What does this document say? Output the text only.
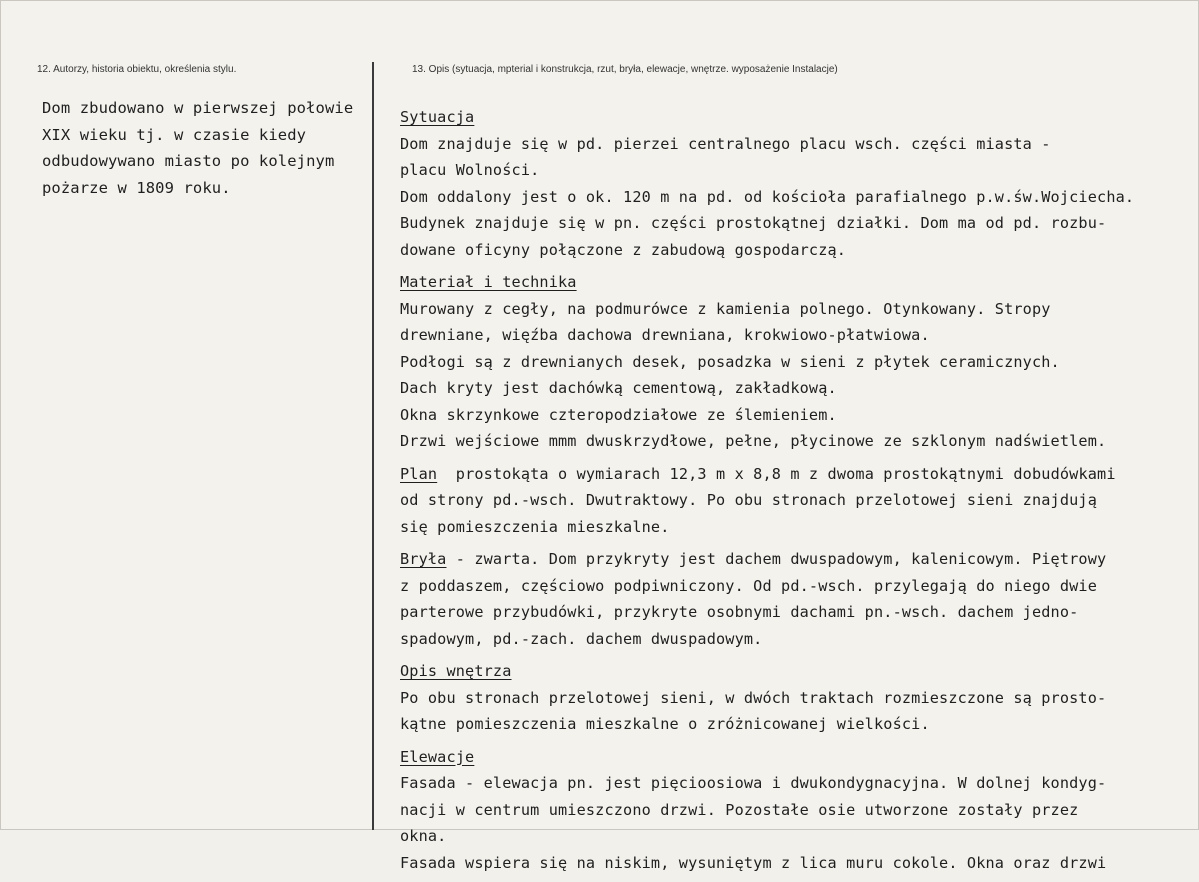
12. Autorzy, historia obiektu, określenia stylu.	13. Opis (sytuacja, mpterial i konstrukcja, rzut, bryła, elewacje, wnętrze. wyposażenie Instalacje)
Dom zbudowano w pierwszej połowie
XIX wieku tj. w czasie kiedy
odbudowywano miasto po kolejnym
pożarze w 1809 roku.
Sytuacja
Dom znajduje się w pd. pierzei centralnego placu wsch. części miasta -
placu Wolności.
Dom oddalony jest o ok. 120 m na pd. od kościoła parafialnego p.w.św.Wojciecha.
Budynek znajduje się w pn. części prostokątnej działki. Dom ma od pd. rozbu-
dowane oficyny połączone z zabudową gospodarczą.
Materiał i technika
Murowany z cegły, na podmurówce z kamienia polnego. Otynkowany. Stropy
drewniane, więźba dachowa drewniana, krokwiowo-płatwiowa.
Podłogi są z drewnianych desek, posadzka w sieni z płytek ceramicznych.
Dach kryty jest dachówką cementową, zakładkową.
Okna skrzynkowe czteropodziałowe ze ślemieniem.
Drzwi wejściowe mmm dwuskrzydłowe, pełne, płycinowe ze szklonym nadświetlem.
Plan  prostokąta o wymiarach 12,3 m x 8,8 m z dwoma prostokątnymi dobudówkami
od strony pd.-wsch. Dwutraktowy. Po obu stronach przelotowej sieni znajdują
się pomieszczenia mieszkalne.
Bryła - zwarta. Dom przykryty jest dachem dwuspadowym, kalenicowym. Piętrowy
z poddaszem, częściowo podpiwniczony. Od pd.-wsch. przylegają do niego dwie
parterowe przybudówki, przykryte osobnymi dachami pn.-wsch. dachem jedno-
spadowym, pd.-zach. dachem dwuspadowym.
Opis wnętrza
Po obu stronach przelotowej sieni, w dwóch traktach rozmieszczone są prosto-
kątne pomieszczenia mieszkalne o zróżnicowanej wielkości.
Elewacje
Fasada - elewacja pn. jest pięcioosiowa i dwukondygnacyjna. W dolnej kondyg-
nacji w centrum umieszczono drzwi. Pozostałe osie utworzone zostały przez
okna.
Fasada wspiera się na niskim, wysuniętym z lica muru cokole. Okna oraz drzwi
